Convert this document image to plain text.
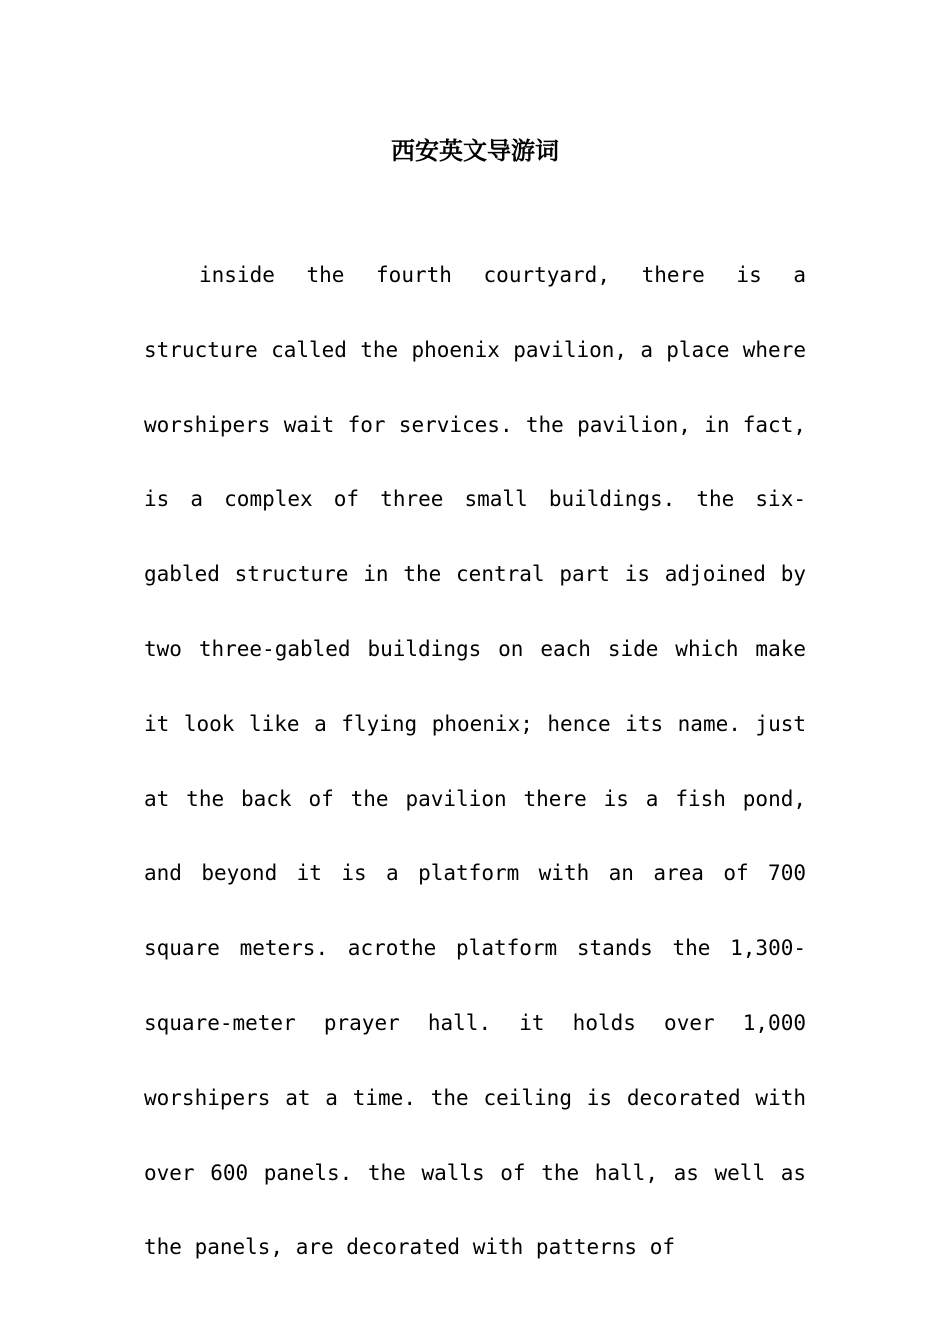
西安英文导游词

inside the fourth courtyard, there is a structure called the phoenix pavilion, a place where worshipers wait for services. the pavilion, in fact, is a complex of three small buildings. the six-gabled structure in the central part is adjoined by two three-gabled buildings on each side which make it look like a flying phoenix; hence its name. just at the back of the pavilion there is a fish pond, and beyond it is a platform with an area of 700 square meters. acrothe platform stands the 1,300-square-meter prayer hall. it holds over 1,000 worshipers at a time. the ceiling is decorated with over 600 panels. the walls of the hall, as well as the panels, are decorated with patterns of
